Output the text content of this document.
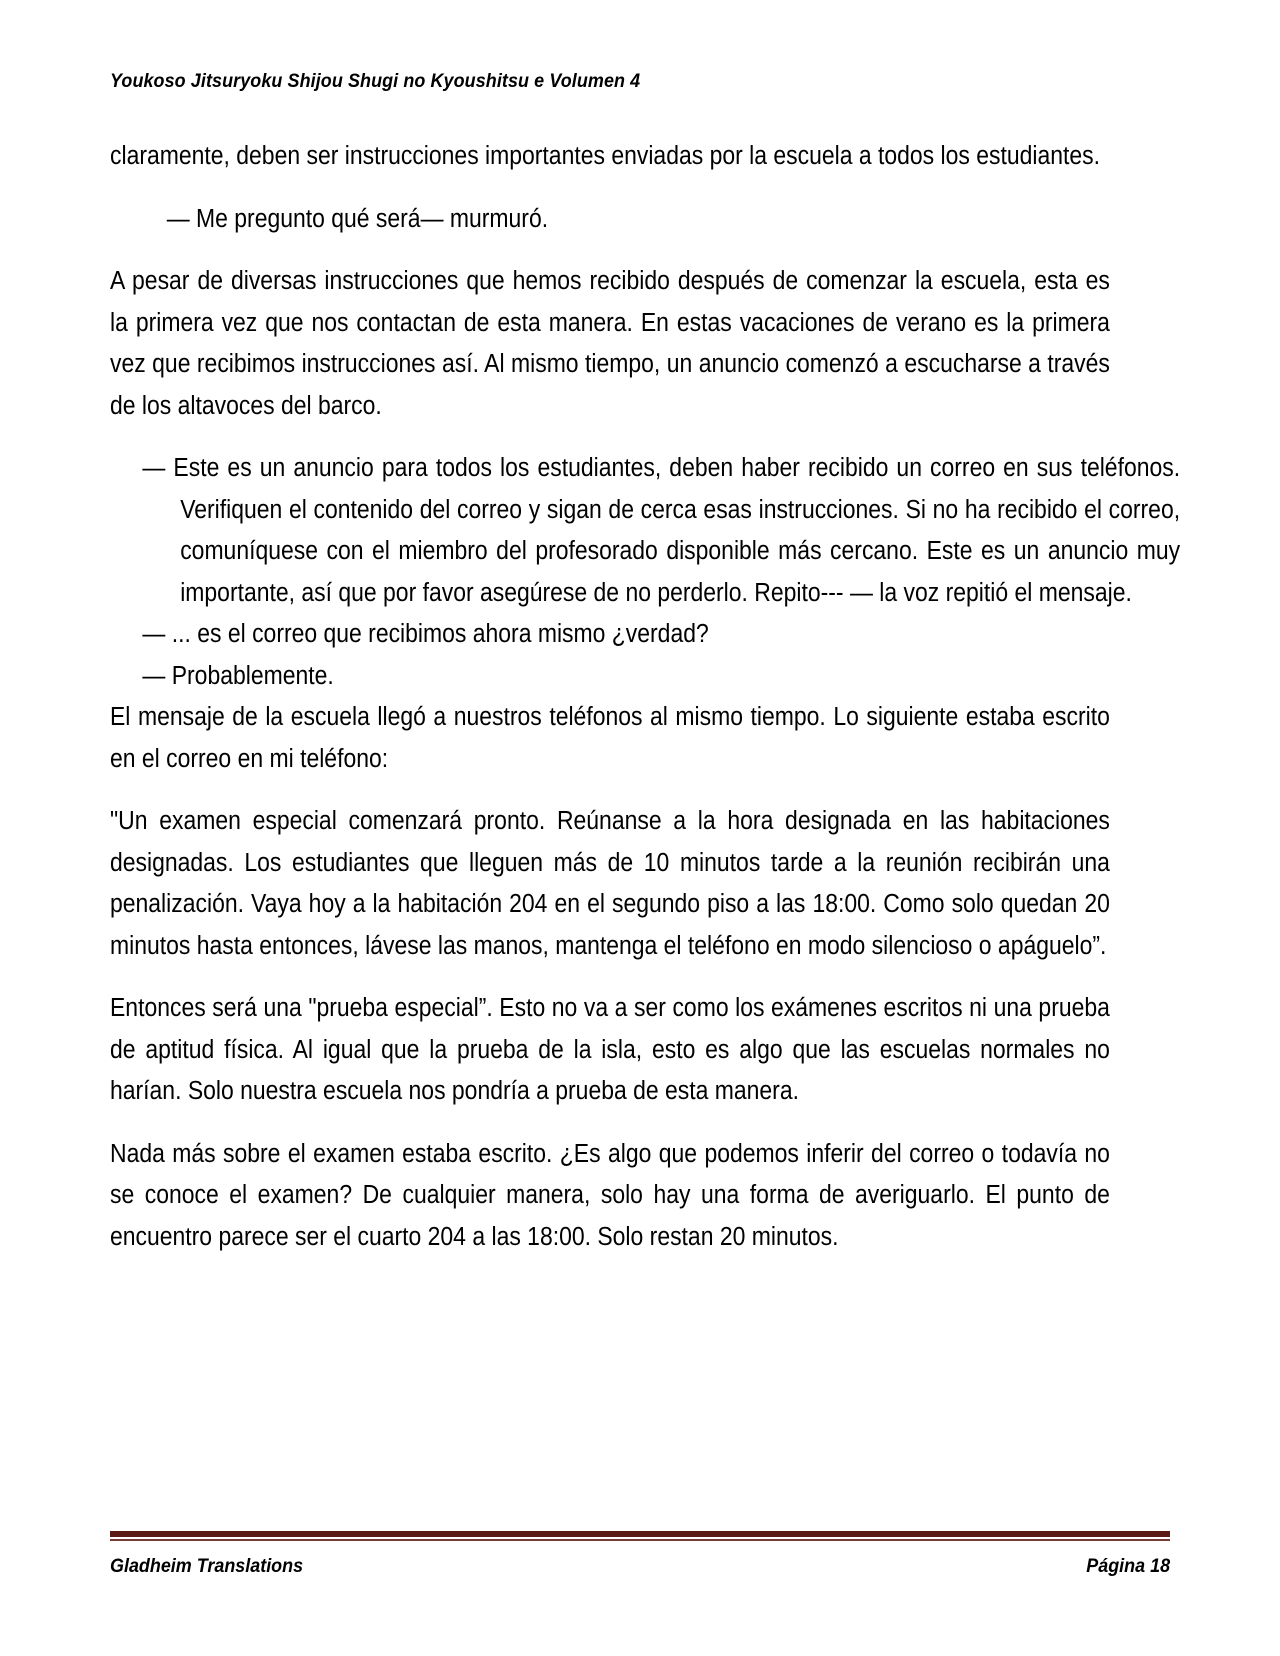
Youkoso Jitsuryoku Shijou Shugi no Kyoushitsu e Volumen 4

claramente, deben ser instrucciones importantes enviadas por la escuela a todos los estudiantes.

— Me pregunto qué será— murmuró.

A pesar de diversas instrucciones que hemos recibido después de comenzar la escuela, esta es la primera vez que nos contactan de esta manera. En estas vacaciones de verano es la primera vez que recibimos instrucciones así. Al mismo tiempo, un anuncio comenzó a escucharse a través de los altavoces del barco.

— Este es un anuncio para todos los estudiantes, deben haber recibido un correo en sus teléfonos. Verifiquen el contenido del correo y sigan de cerca esas instrucciones. Si no ha recibido el correo, comuníquese con el miembro del profesorado disponible más cercano. Este es un anuncio muy importante, así que por favor asegúrese de no perderlo. Repito--- — la voz repitió el mensaje.

— ... es el correo que recibimos ahora mismo ¿verdad?

— Probablemente.

El mensaje de la escuela llegó a nuestros teléfonos al mismo tiempo. Lo siguiente estaba escrito en el correo en mi teléfono:

"Un examen especial comenzará pronto. Reúnanse a la hora designada en las habitaciones designadas. Los estudiantes que lleguen más de 10 minutos tarde a la reunión recibirán una penalización. Vaya hoy a la habitación 204 en el segundo piso a las 18:00. Como solo quedan 20 minutos hasta entonces, lávese las manos, mantenga el teléfono en modo silencioso o apáguelo”.

Entonces será una "prueba especial”. Esto no va a ser como los exámenes escritos ni una prueba de aptitud física. Al igual que la prueba de la isla, esto es algo que las escuelas normales no harían. Solo nuestra escuela nos pondría a prueba de esta manera.

Nada más sobre el examen estaba escrito. ¿Es algo que podemos inferir del correo o todavía no se conoce el examen? De cualquier manera, solo hay una forma de averiguarlo. El punto de encuentro parece ser el cuarto 204 a las 18:00. Solo restan 20 minutos.

Gladheim Translations	Página 18
